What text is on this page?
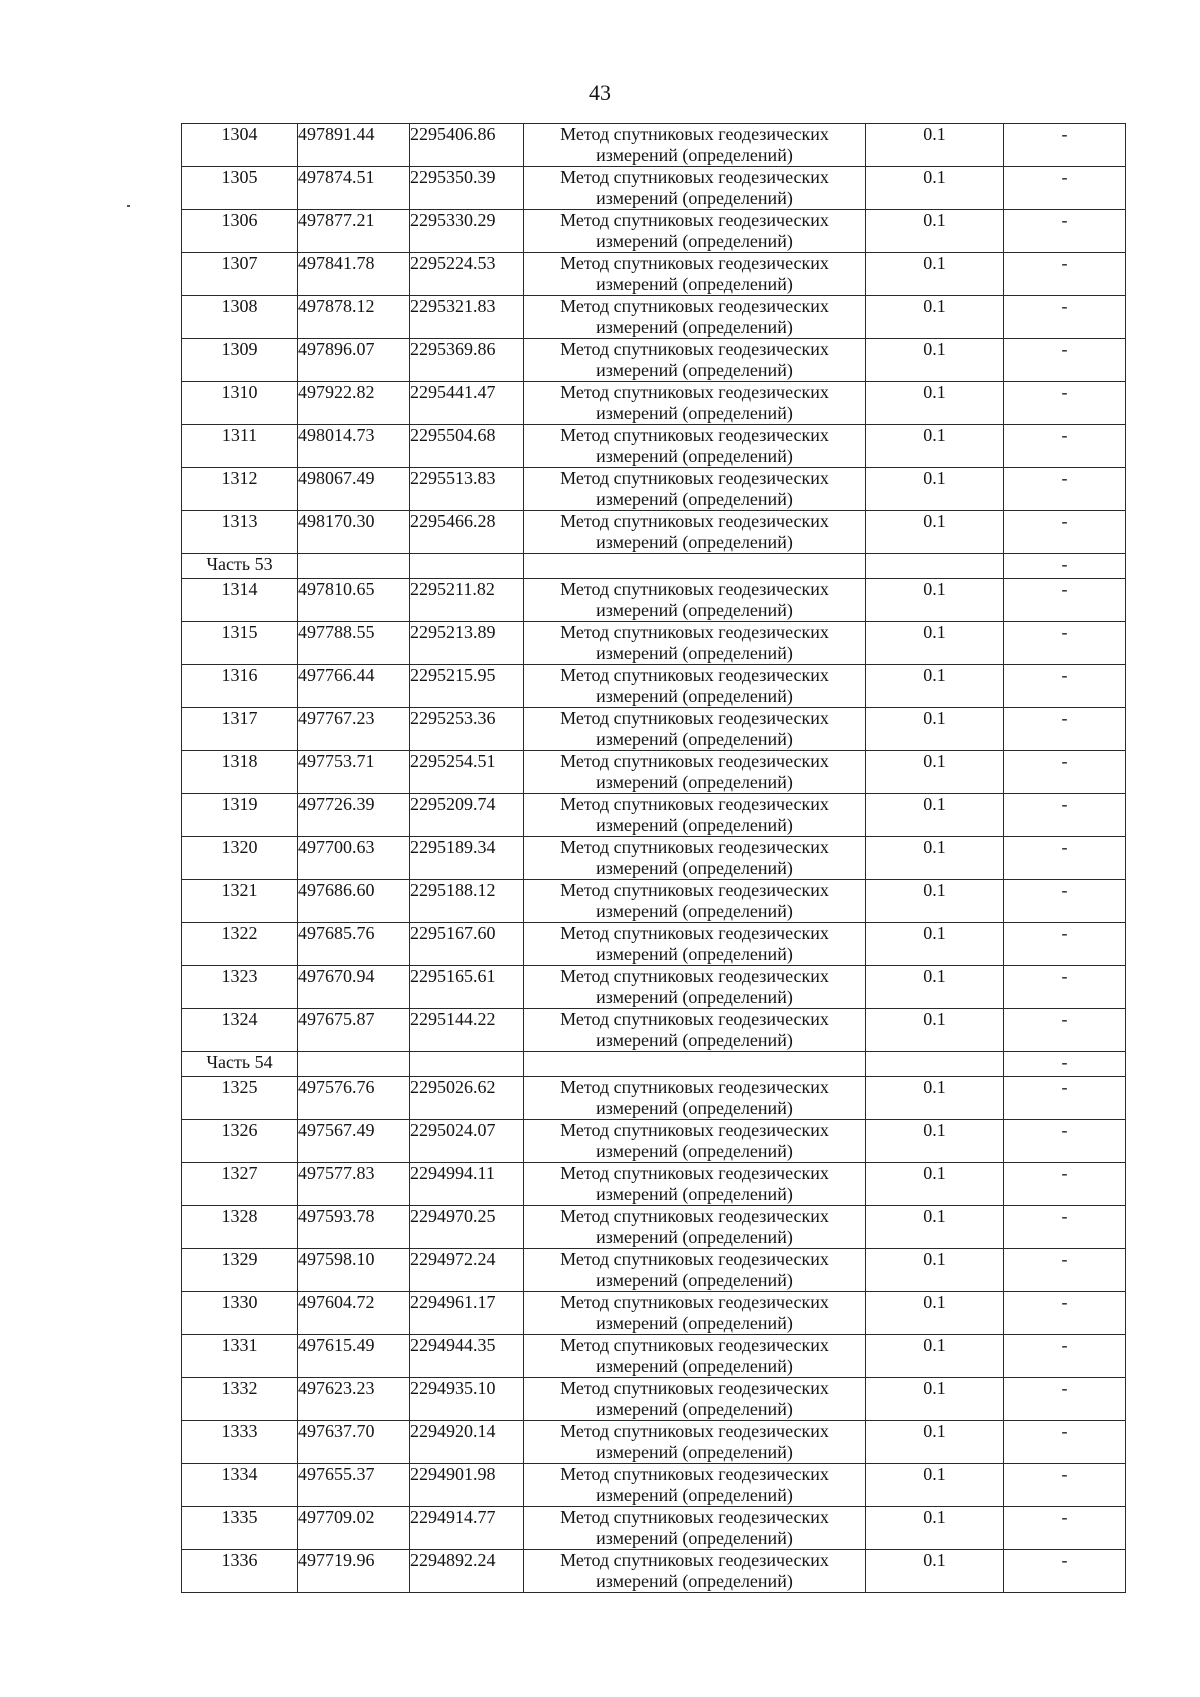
43
1304	497891.44	2295406.86	Метод спутниковых геодезических измерений (определений)	0.1	-
1305	497874.51	2295350.39	Метод спутниковых геодезических измерений (определений)	0.1	-
1306	497877.21	2295330.29	Метод спутниковых геодезических измерений (определений)	0.1	-
1307	497841.78	2295224.53	Метод спутниковых геодезических измерений (определений)	0.1	-
1308	497878.12	2295321.83	Метод спутниковых геодезических измерений (определений)	0.1	-
1309	497896.07	2295369.86	Метод спутниковых геодезических измерений (определений)	0.1	-
1310	497922.82	2295441.47	Метод спутниковых геодезических измерений (определений)	0.1	-
1311	498014.73	2295504.68	Метод спутниковых геодезических измерений (определений)	0.1	-
1312	498067.49	2295513.83	Метод спутниковых геодезических измерений (определений)	0.1	-
1313	498170.30	2295466.28	Метод спутниковых геодезических измерений (определений)	0.1	-
Часть 53					-
1314	497810.65	2295211.82	Метод спутниковых геодезических измерений (определений)	0.1	-
1315	497788.55	2295213.89	Метод спутниковых геодезических измерений (определений)	0.1	-
1316	497766.44	2295215.95	Метод спутниковых геодезических измерений (определений)	0.1	-
1317	497767.23	2295253.36	Метод спутниковых геодезических измерений (определений)	0.1	-
1318	497753.71	2295254.51	Метод спутниковых геодезических измерений (определений)	0.1	-
1319	497726.39	2295209.74	Метод спутниковых геодезических измерений (определений)	0.1	-
1320	497700.63	2295189.34	Метод спутниковых геодезических измерений (определений)	0.1	-
1321	497686.60	2295188.12	Метод спутниковых геодезических измерений (определений)	0.1	-
1322	497685.76	2295167.60	Метод спутниковых геодезических измерений (определений)	0.1	-
1323	497670.94	2295165.61	Метод спутниковых геодезических измерений (определений)	0.1	-
1324	497675.87	2295144.22	Метод спутниковых геодезических измерений (определений)	0.1	-
Часть 54					-
1325	497576.76	2295026.62	Метод спутниковых геодезических измерений (определений)	0.1	-
1326	497567.49	2295024.07	Метод спутниковых геодезических измерений (определений)	0.1	-
1327	497577.83	2294994.11	Метод спутниковых геодезических измерений (определений)	0.1	-
1328	497593.78	2294970.25	Метод спутниковых геодезических измерений (определений)	0.1	-
1329	497598.10	2294972.24	Метод спутниковых геодезических измерений (определений)	0.1	-
1330	497604.72	2294961.17	Метод спутниковых геодезических измерений (определений)	0.1	-
1331	497615.49	2294944.35	Метод спутниковых геодезических измерений (определений)	0.1	-
1332	497623.23	2294935.10	Метод спутниковых геодезических измерений (определений)	0.1	-
1333	497637.70	2294920.14	Метод спутниковых геодезических измерений (определений)	0.1	-
1334	497655.37	2294901.98	Метод спутниковых геодезических измерений (определений)	0.1	-
1335	497709.02	2294914.77	Метод спутниковых геодезических измерений (определений)	0.1	-
1336	497719.96	2294892.24	Метод спутниковых геодезических измерений (определений)	0.1	-
